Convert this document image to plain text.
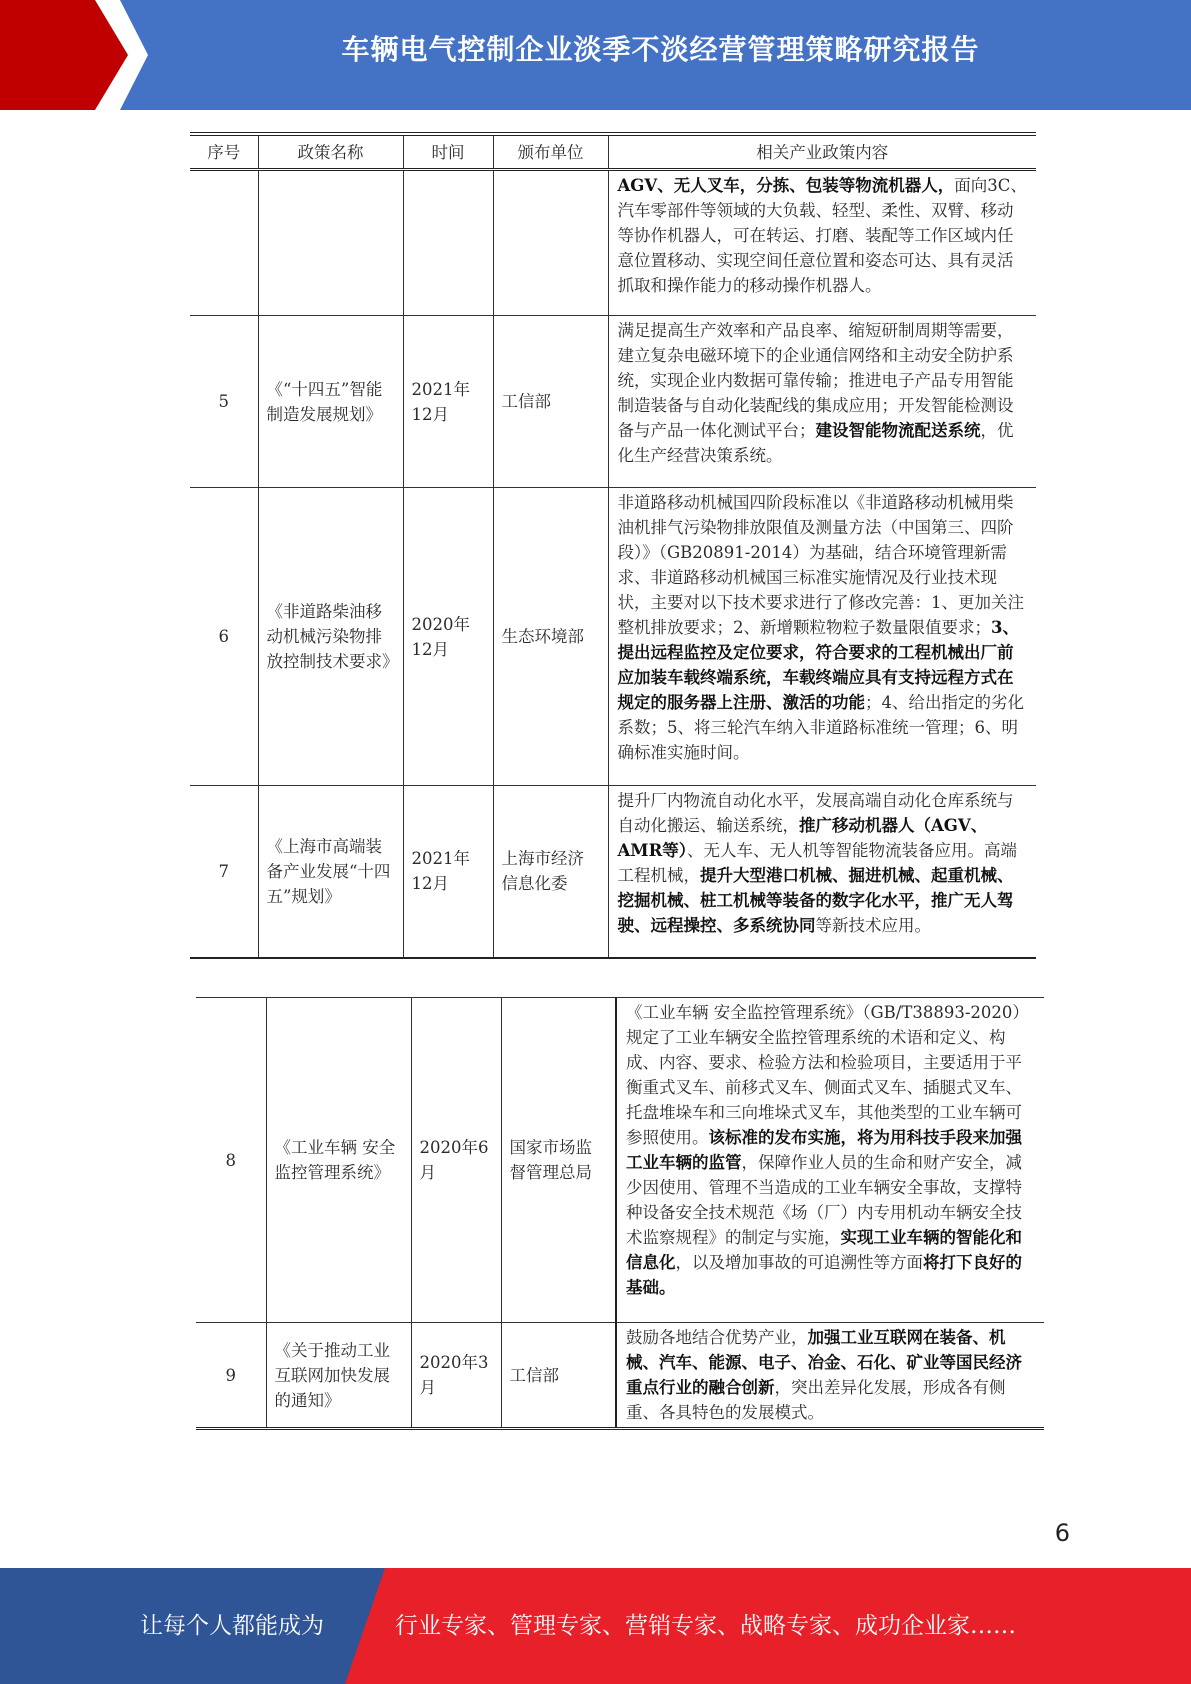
车辆电气控制企业淡季不淡经营管理策略研究报告
序号	政策名称	时间	颁布单位	相关产业政策内容
				AGV、无人叉车，分拣、包装等物流机器人，面向3C、汽车零部件等领域的大负载、轻型、柔性、双臂、移动等协作机器人，可在转运、打磨、装配等工作区域内任意位置移动、实现空间任意位置和姿态可达、具有灵活抓取和操作能力的移动操作机器人。
5	《“十四五”智能制造发展规划》	2021年12月	工信部	满足提高生产效率和产品良率、缩短研制周期等需要，建立复杂电磁环境下的企业通信网络和主动安全防护系统，实现企业内数据可靠传输；推进电子产品专用智能制造装备与自动化装配线的集成应用；开发智能检测设备与产品一体化测试平台；建设智能物流配送系统，优化生产经营决策系统。
6	《非道路柴油移动机械污染物排放控制技术要求》	2020年12月	生态环境部	非道路移动机械国四阶段标准以《非道路移动机械用柴油机排气污染物排放限值及测量方法（中国第三、四阶段）》（GB20891-2014）为基础，结合环境管理新需求、非道路移动机械国三标准实施情况及行业技术现状，主要对以下技术要求进行了修改完善：1、更加关注整机排放要求；2、新增颗粒物粒子数量限值要求；3、提出远程监控及定位要求，符合要求的工程机械出厂前应加装车载终端系统，车载终端应具有支持远程方式在规定的服务器上注册、激活的功能；4、给出指定的劣化系数；5、将三轮汽车纳入非道路标准统一管理；6、明确标准实施时间。
7	《上海市高端装备产业发展“十四五”规划》	2021年12月	上海市经济信息化委	提升厂内物流自动化水平，发展高端自动化仓库系统与自动化搬运、输送系统，推广移动机器人（AGV、AMR等）、无人车、无人机等智能物流装备应用。高端工程机械，提升大型港口机械、掘进机械、起重机械、挖掘机械、桩工机械等装备的数字化水平，推广无人驾驶、远程操控、多系统协同等新技术应用。
8	《工业车辆 安全监控管理系统》	2020年6月	国家市场监督管理总局	《工业车辆 安全监控管理系统》（GB/T38893-2020）规定了工业车辆安全监控管理系统的术语和定义、构成、内容、要求、检验方法和检验项目，主要适用于平衡重式叉车、前移式叉车、侧面式叉车、插腿式叉车、托盘堆垛车和三向堆垛式叉车，其他类型的工业车辆可参照使用。该标准的发布实施，将为用科技手段来加强工业车辆的监管，保障作业人员的生命和财产安全，减少因使用、管理不当造成的工业车辆安全事故，支撑特种设备安全技术规范《场（厂）内专用机动车辆安全技术监察规程》的制定与实施，实现工业车辆的智能化和信息化，以及增加事故的可追溯性等方面将打下良好的基础。
9	《关于推动工业互联网加快发展的通知》	2020年3月	工信部	鼓励各地结合优势产业，加强工业互联网在装备、机械、汽车、能源、电子、冶金、石化、矿业等国民经济重点行业的融合创新，突出差异化发展，形成各有侧重、各具特色的发展模式。
6
让每个人都能成为	行业专家、管理专家、营销专家、战略专家、成功企业家……
